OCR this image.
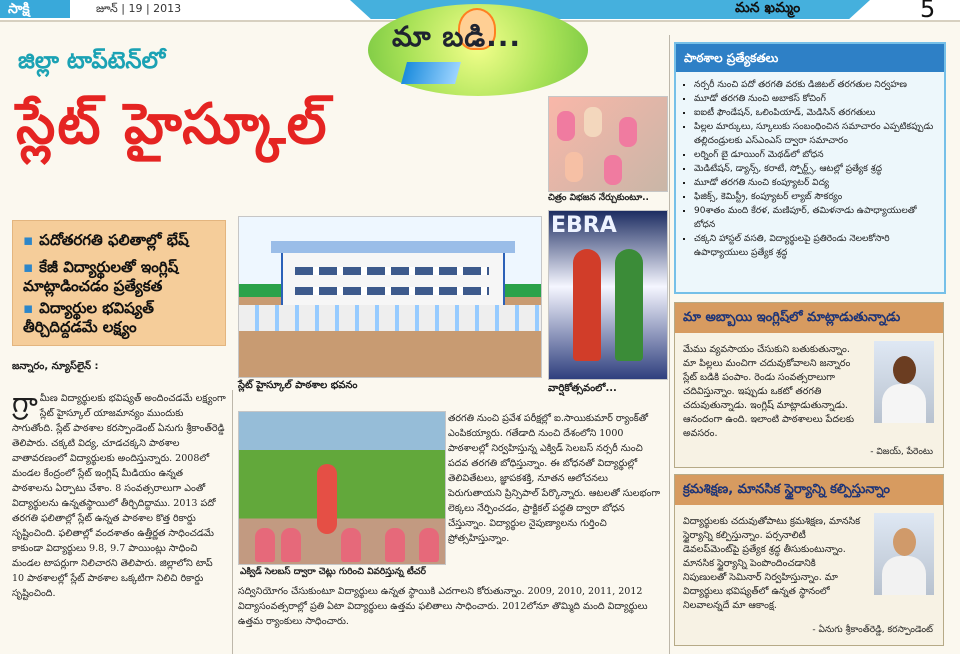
సాక్షి	జూన్ | 19 | 2013	మన ఖమ్మం	5
మా బడి...
జిల్లా టాప్‌టెన్‌లో
స్లేట్ హైస్కూల్
▪ పదోతరగతి ఫలితాల్లో భేష్
▪ కేజీ విద్యార్థులతో ఇంగ్లిష్ మాట్లాడించడం ప్రత్యేకత
▪ విద్యార్థుల భవిష్యత్ తీర్చిదిద్దడమే లక్ష్యం
స్లేట్ హైస్కూల్ పాఠశాల భవనం
చిత్రం విభజన నేర్చుకుంటూ..
EBRA
వార్షికోత్సవంలో...
ఎక్విడ్ సెలబస్ ద్వారా చెట్లు గురించి వివరిస్తున్న టీచర్
జన్నారం, న్యూస్‌లైన్ :
గ్రా మీణ విద్యార్థులకు భవిష్యత్ అందించడమే లక్ష్యంగా స్లేట్ హైస్కూల్ యాజమాన్యం ముందుకు సాగుతోంది. స్లేట్ పాఠశాల కరస్పాండెంట్ ఏనుగు శ్రీకాంత్‌రెడ్డి తెలిపారు. చక్కటి విద్య, చూడచక్కని పాఠశాల వాతావరణంలో విద్యార్థులకు అందిస్తున్నారు. 2008లో మండల కేంద్రంలో స్లేట్ ఇంగ్లిష్ మీడియం ఉన్నత పాఠశాలను ఏర్పాటు చేశాం. 8 సంవత్సరాలుగా ఎంతో విద్యార్థులను ఉన్నతస్థాయిలో తీర్చిదిద్దాము. 2013 పదో తరగతి ఫలితాల్లో స్లేట్ ఉన్నత పాఠశాల కొత్త రికార్డు సృష్టించింది. ఫలితాల్లో వందశాతం ఉత్తీర్ణత సాధించడమే కాకుండా విద్యార్థులు 9.8, 9.7 పాయింట్లు సాధించి మండల టాపర్లుగా నిలిచారని తెలిపారు. జిల్లాలోని టాప్ 10 పాఠశాలల్లో స్లేట్ పాఠశాల ఒక్కటిగా నిలిచి రికార్డు సృష్టించింది.
తరగతి నుంచి ప్రవేశ పరీక్షల్లో ఐ.సాయికుమార్ ర్యాంక్‌తో ఎంపికయ్యారు. గతేడాది నుంచి దేశంలోని 1000 పాఠశాలల్లో నిర్వహిస్తున్న ఎక్విడ్ సెలబస్ నర్సరీ నుంచి పదవ తరగతి బోధిస్తున్నాం. ఈ బోధనతో విద్యార్థుల్లో తెలివితేటలు, జ్ఞాపకశక్తి, నూతన ఆలోచనలు పెరుగుతాయని ప్రిన్సిపాల్ పేర్కొన్నారు. ఆటలతో సులభంగా లెక్కలు నేర్పించడం, ప్రాక్టికల్ పద్ధతి ద్వారా బోధన చేస్తున్నాం. విద్యార్థుల నైపుణ్యాలను గుర్తించి ప్రోత్సహిస్తున్నాం.
సద్వినియోగం చేసుకుంటూ విద్యార్థులు ఉన్నత స్థాయికి ఎదగాలని కోరుతున్నాం. 2009, 2010, 2011, 2012 విద్యాసంవత్సరాల్లో ప్రతి ఏటా విద్యార్థులు ఉత్తమ ఫలితాలు సాధించారు. 2012లోనూ తొమ్మిది మంది విద్యార్థులు ఉత్తమ ర్యాంకులు సాధించారు.
పాఠశాల ప్రత్యేకతలు
▪ నర్సరీ నుంచి పదో తరగతి వరకు డిజిటల్ తరగతుల నిర్వహణ
▪ మూడో తరగతి నుంచి అబాకస్ కోచింగ్
▪ ఐఐటీ ఫౌండేషన్, ఒలింపియాడ్, మెడిసిన్ తరగతులు
▪ పిల్లల మార్కులు, స్కూలుకు సంబంధించిన సమాచారం ఎప్పటికప్పుడు తల్లిదండ్రులకు ఎస్ఎంఎస్ ద్వారా సమాచారం
▪ లర్నింగ్ బై డూయింగ్ మెథడ్‌లో బోధన
▪ మెడిటేషన్, డ్యాన్స్, కరాటే, స్పోర్ట్స్, ఆటల్లో ప్రత్యేక శ్రద్ధ
▪ మూడో తరగతి నుంచి కంప్యూటర్ విద్య
▪ ఫిజిక్స్, కెమిస్ట్రీ, కంప్యూటర్ ల్యాబ్ సౌకర్యం
▪ 90శాతం మంది కేరళ, మణిపూర్, తమిళనాడు ఉపాధ్యాయులతో బోధన
▪ చక్కని హాస్టల్ వసతి, విద్యార్థులపై ప్రతిరెండు నెలలకోసారి ఉపాధ్యాయులు ప్రత్యేక శ్రద్ధ
మా అబ్బాయి ఇంగ్లిష్‌లో మాట్లాడుతున్నాడు
మేము వ్యవసాయం చేసుకుని బతుకుతున్నాం. మా పిల్లలు మంచిగా చదువుకోవాలని జన్నారం స్లేట్ బడికి పంపాం. రెండు సంవత్సరాలుగా చదివిస్తున్నాం. ఇప్పుడు ఒకటో తరగతి చదువుతున్నాడు. ఇంగ్లిష్ మాట్లాడుతున్నాడు. ఆనందంగా ఉంది. ఇలాంటి పాఠశాలలు పేదలకు అవసరం.
- విజయ్, పేరెంటు
క్రమశిక్షణ, మానసిక స్థైర్యాన్ని కల్పిస్తున్నాం
విద్యార్థులకు చదువుతోపాటు క్రమశిక్షణ, మానసిక స్థైర్యాన్ని కల్పిస్తున్నాం. పర్సనాలిటీ డెవలప్‌మెంట్‌పై ప్రత్యేక శ్రద్ధ తీసుకుంటున్నాం. మానసిక స్థైర్యాన్ని పెంపొందించడానికి నిపుణులతో సెమినార్ నిర్వహిస్తున్నాం. మా విద్యార్థులు భవిష్యత్‌లో ఉన్నత స్థానంలో నిలవాలన్నదే మా ఆకాంక్ష.
- ఏనుగు శ్రీకాంత్‌రెడ్డి, కరస్పాండెంట్
